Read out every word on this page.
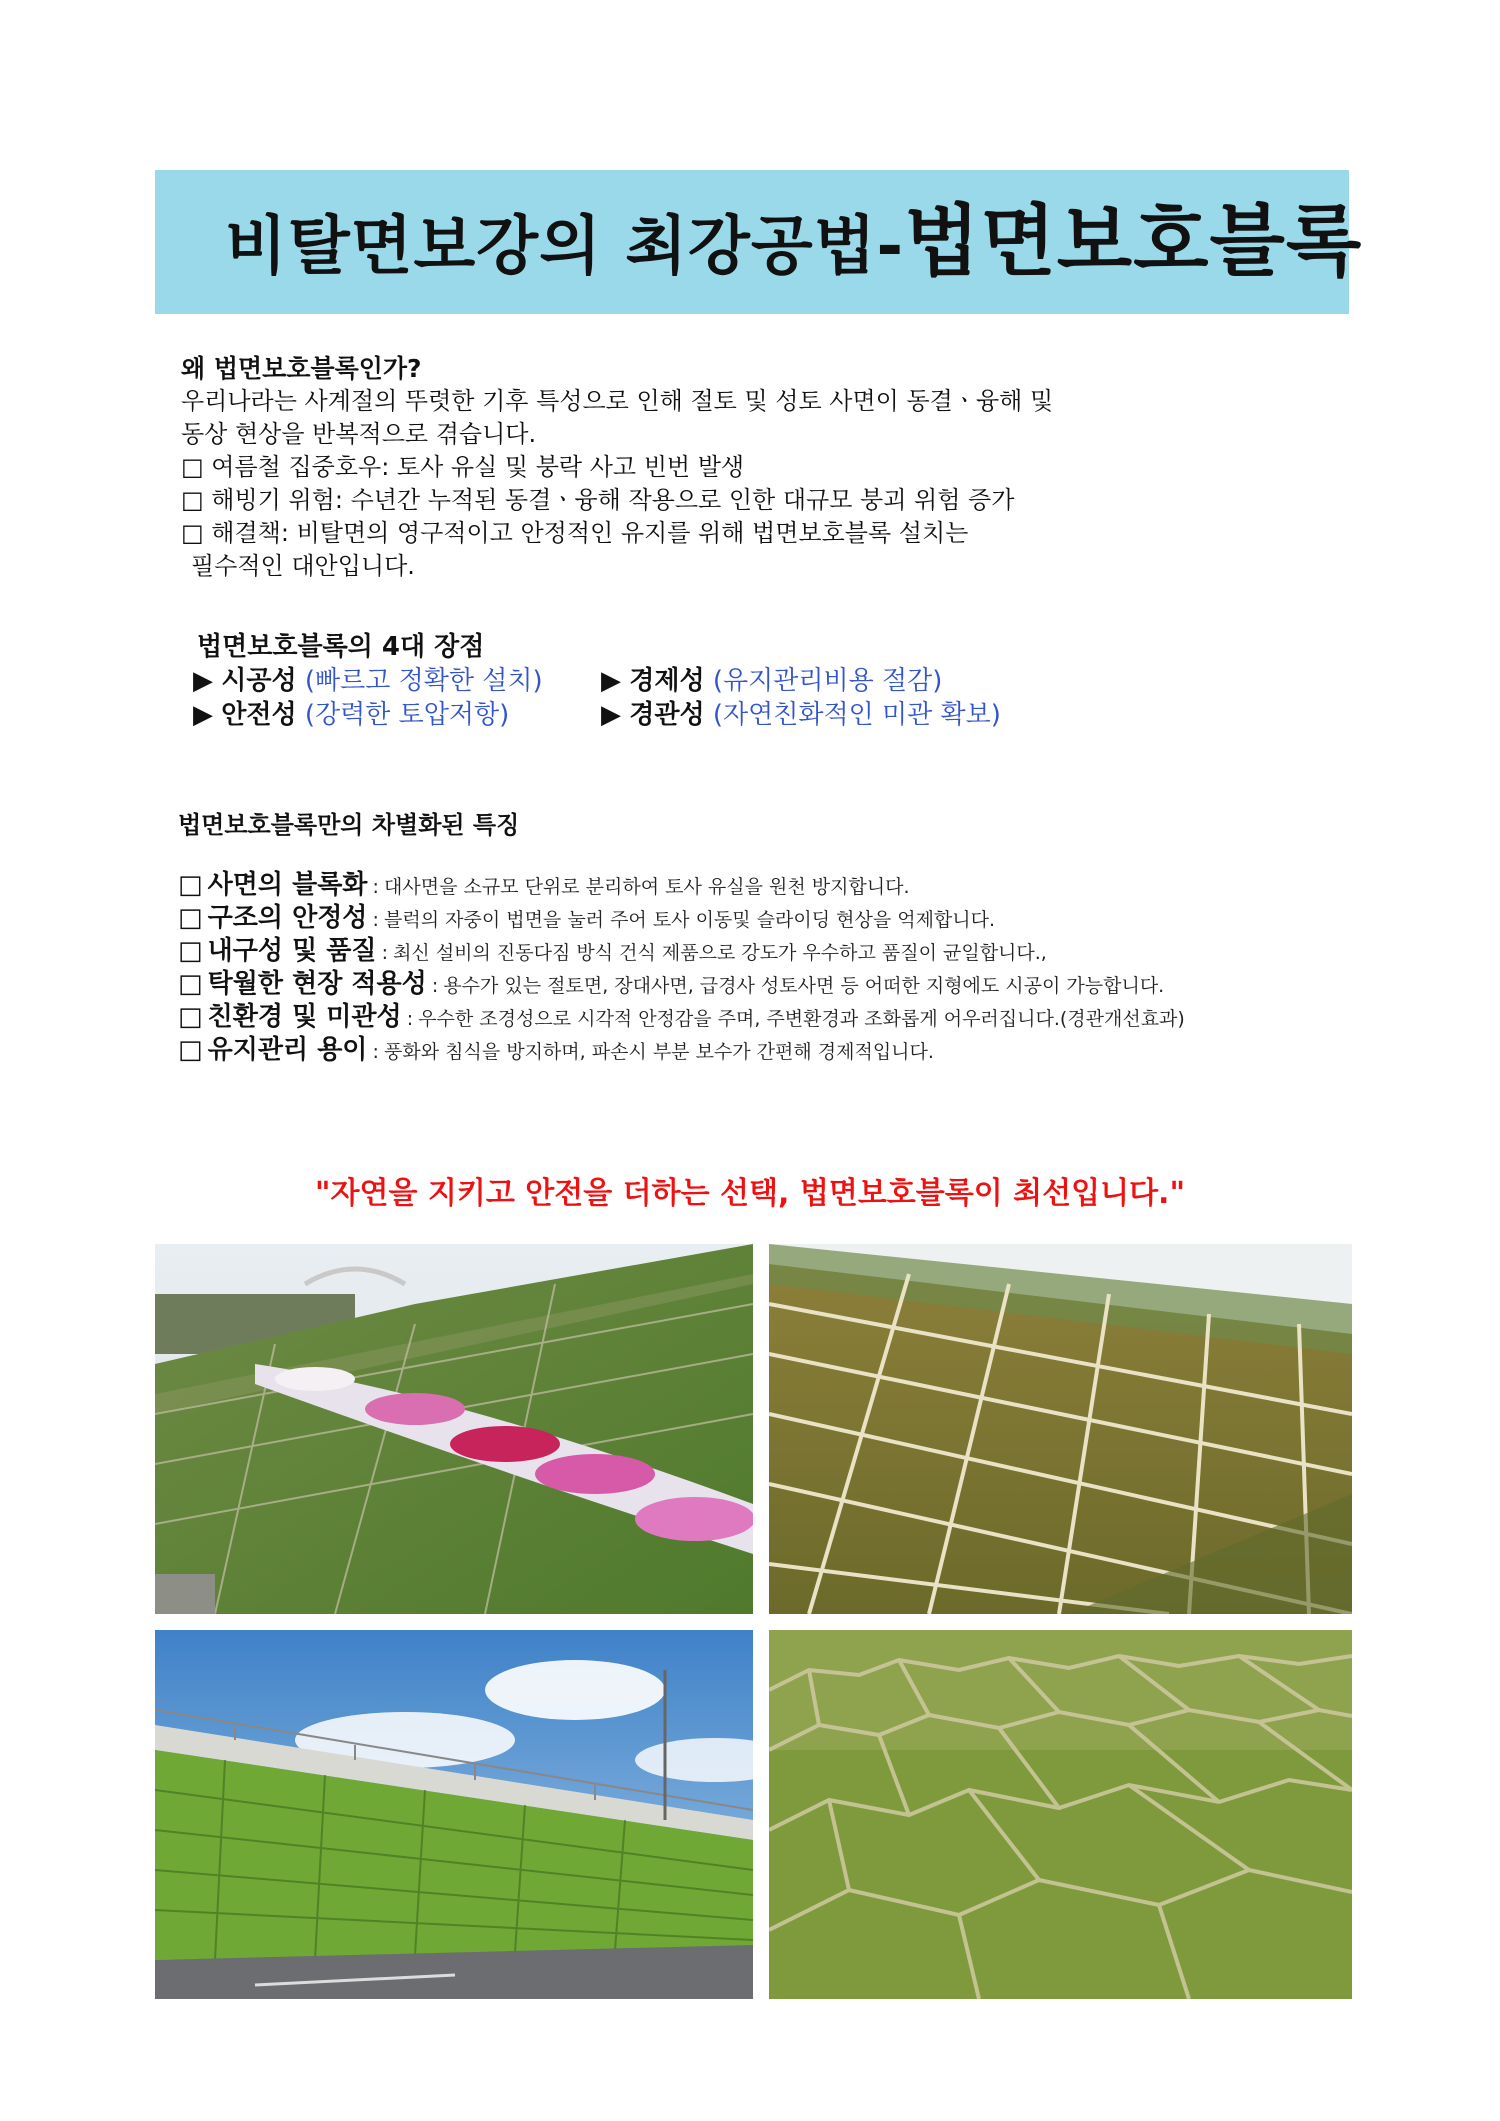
비탈면보강의 최강공법-법면보호블록
왜 법면보호블록인가?
우리나라는 사계절의 뚜렷한 기후 특성으로 인해 절토 및 성토 사면이 동결ㆍ융해 및
동상 현상을 반복적으로 겪습니다.
□ 여름철 집중호우: 토사 유실 및 붕락 사고 빈번 발생
□ 해빙기 위험: 수년간 누적된 동결ㆍ융해 작용으로 인한 대규모 붕괴 위험 증가
□ 해결책: 비탈면의 영구적이고 안정적인 유지를 위해 법면보호블록 설치는
필수적인 대안입니다.
법면보호블록의 4대 장점
▶ 시공성 (빠르고 정확한 설치)	▶ 경제성 (유지관리비용 절감)
▶ 안전성 (강력한 토압저항)	▶ 경관성 (자연친화적인 미관 확보)
법면보호블록만의 차별화된 특징
□ 사면의 블록화 : 대사면을 소규모 단위로 분리하여 토사 유실을 원천 방지합니다.
□ 구조의 안정성 : 블럭의 자중이 법면을 눌러 주어 토사 이동및 슬라이딩 현상을 억제합니다.
□ 내구성 및 품질 : 최신 설비의 진동다짐 방식 건식 제품으로 강도가 우수하고 품질이 균일합니다.,
□ 탁월한 현장 적용성 : 용수가 있는 절토면, 장대사면, 급경사 성토사면 등 어떠한 지형에도 시공이 가능합니다.
□ 친환경 및 미관성 : 우수한 조경성으로 시각적 안정감을 주며, 주변환경과 조화롭게 어우러집니다.(경관개선효과)
□ 유지관리 용이 : 풍화와 침식을 방지하며, 파손시 부분 보수가 간편해 경제적입니다.
"자연을 지키고 안전을 더하는 선택, 법면보호블록이 최선입니다."
